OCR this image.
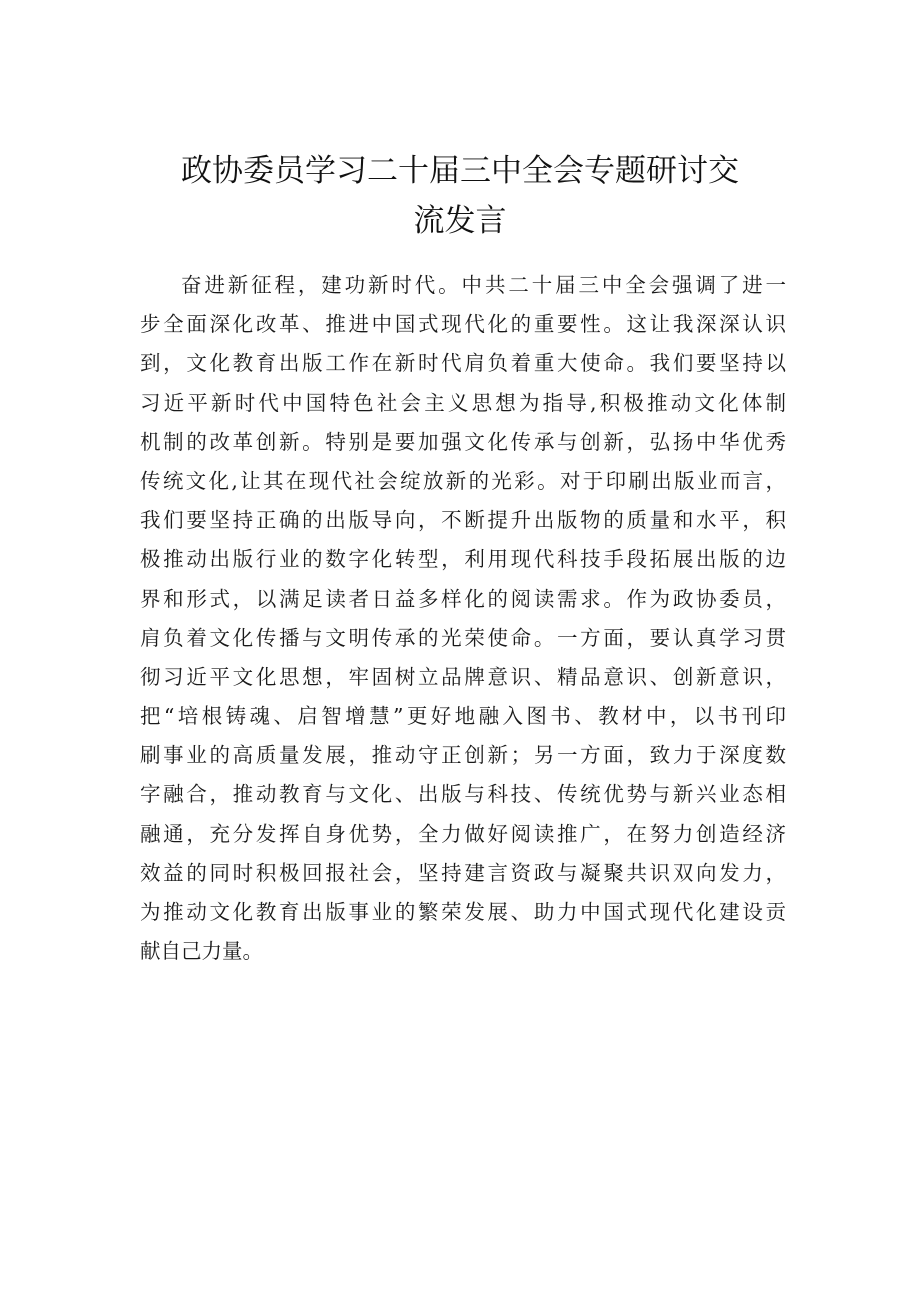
政协委员学习二十届三中全会专题研讨交
流发言
奋进新征程，建功新时代。中共二十届三中全会强调了进一
步全面深化改革、推进中国式现代化的重要性。这让我深深认识
到，文化教育出版工作在新时代肩负着重大使命。我们要坚持以
习近平新时代中国特色社会主义思想为指导,积极推动文化体制
机制的改革创新。特别是要加强文化传承与创新，弘扬中华优秀
传统文化,让其在现代社会绽放新的光彩。对于印刷出版业而言，
我们要坚持正确的出版导向，不断提升出版物的质量和水平，积
极推动出版行业的数字化转型，利用现代科技手段拓展出版的边
界和形式，以满足读者日益多样化的阅读需求。作为政协委员，
肩负着文化传播与文明传承的光荣使命。一方面，要认真学习贯
彻习近平文化思想，牢固树立品牌意识、精品意识、创新意识，
把“培根铸魂、启智增慧”更好地融入图书、教材中，以书刊印
刷事业的高质量发展，推动守正创新；另一方面，致力于深度数
字融合，推动教育与文化、出版与科技、传统优势与新兴业态相
融通，充分发挥自身优势，全力做好阅读推广，在努力创造经济
效益的同时积极回报社会，坚持建言资政与凝聚共识双向发力，
为推动文化教育出版事业的繁荣发展、助力中国式现代化建设贡
献自己力量。
